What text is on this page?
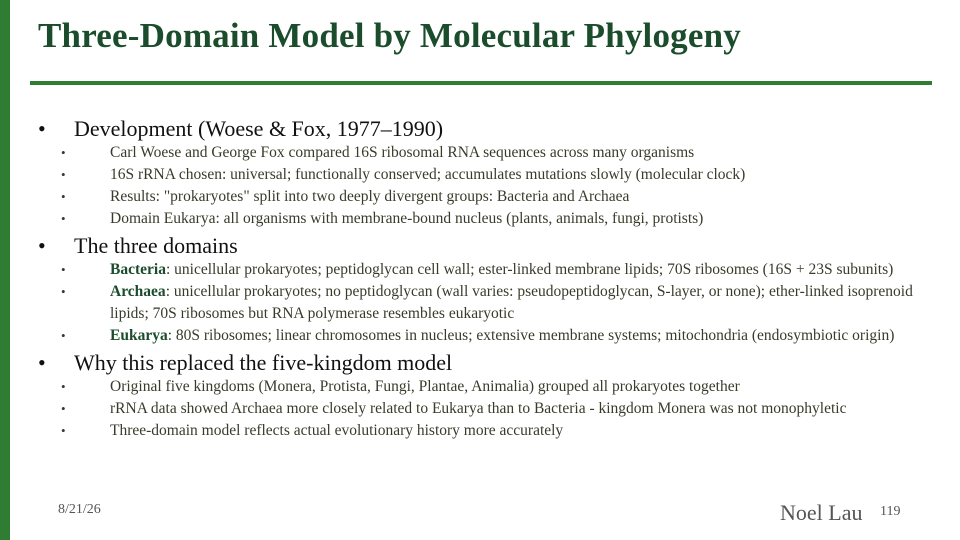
Three-Domain Model by Molecular Phylogeny
• Development (Woese & Fox, 1977–1990)
•	Carl Woese and George Fox compared 16S ribosomal RNA sequences across many organisms
•	16S rRNA chosen: universal; functionally conserved; accumulates mutations slowly (molecular clock)
•	Results: "prokaryotes" split into two deeply divergent groups: Bacteria and Archaea
•	Domain Eukarya: all organisms with membrane-bound nucleus (plants, animals, fungi, protists)
• The three domains
•	Bacteria: unicellular prokaryotes; peptidoglycan cell wall; ester-linked membrane lipids; 70S ribosomes (16S + 23S subunits)
•	Archaea: unicellular prokaryotes; no peptidoglycan (wall varies: pseudopeptidoglycan, S-layer, or none); ether-linked isoprenoid lipids; 70S ribosomes but RNA polymerase resembles eukaryotic
•	Eukarya: 80S ribosomes; linear chromosomes in nucleus; extensive membrane systems; mitochondria (endosymbiotic origin)
• Why this replaced the five-kingdom model
•	Original five kingdoms (Monera, Protista, Fungi, Plantae, Animalia) grouped all prokaryotes together
•	rRNA data showed Archaea more closely related to Eukarya than to Bacteria - kingdom Monera was not monophyletic
•	Three-domain model reflects actual evolutionary history more accurately
8/21/26	Noel Lau 119
